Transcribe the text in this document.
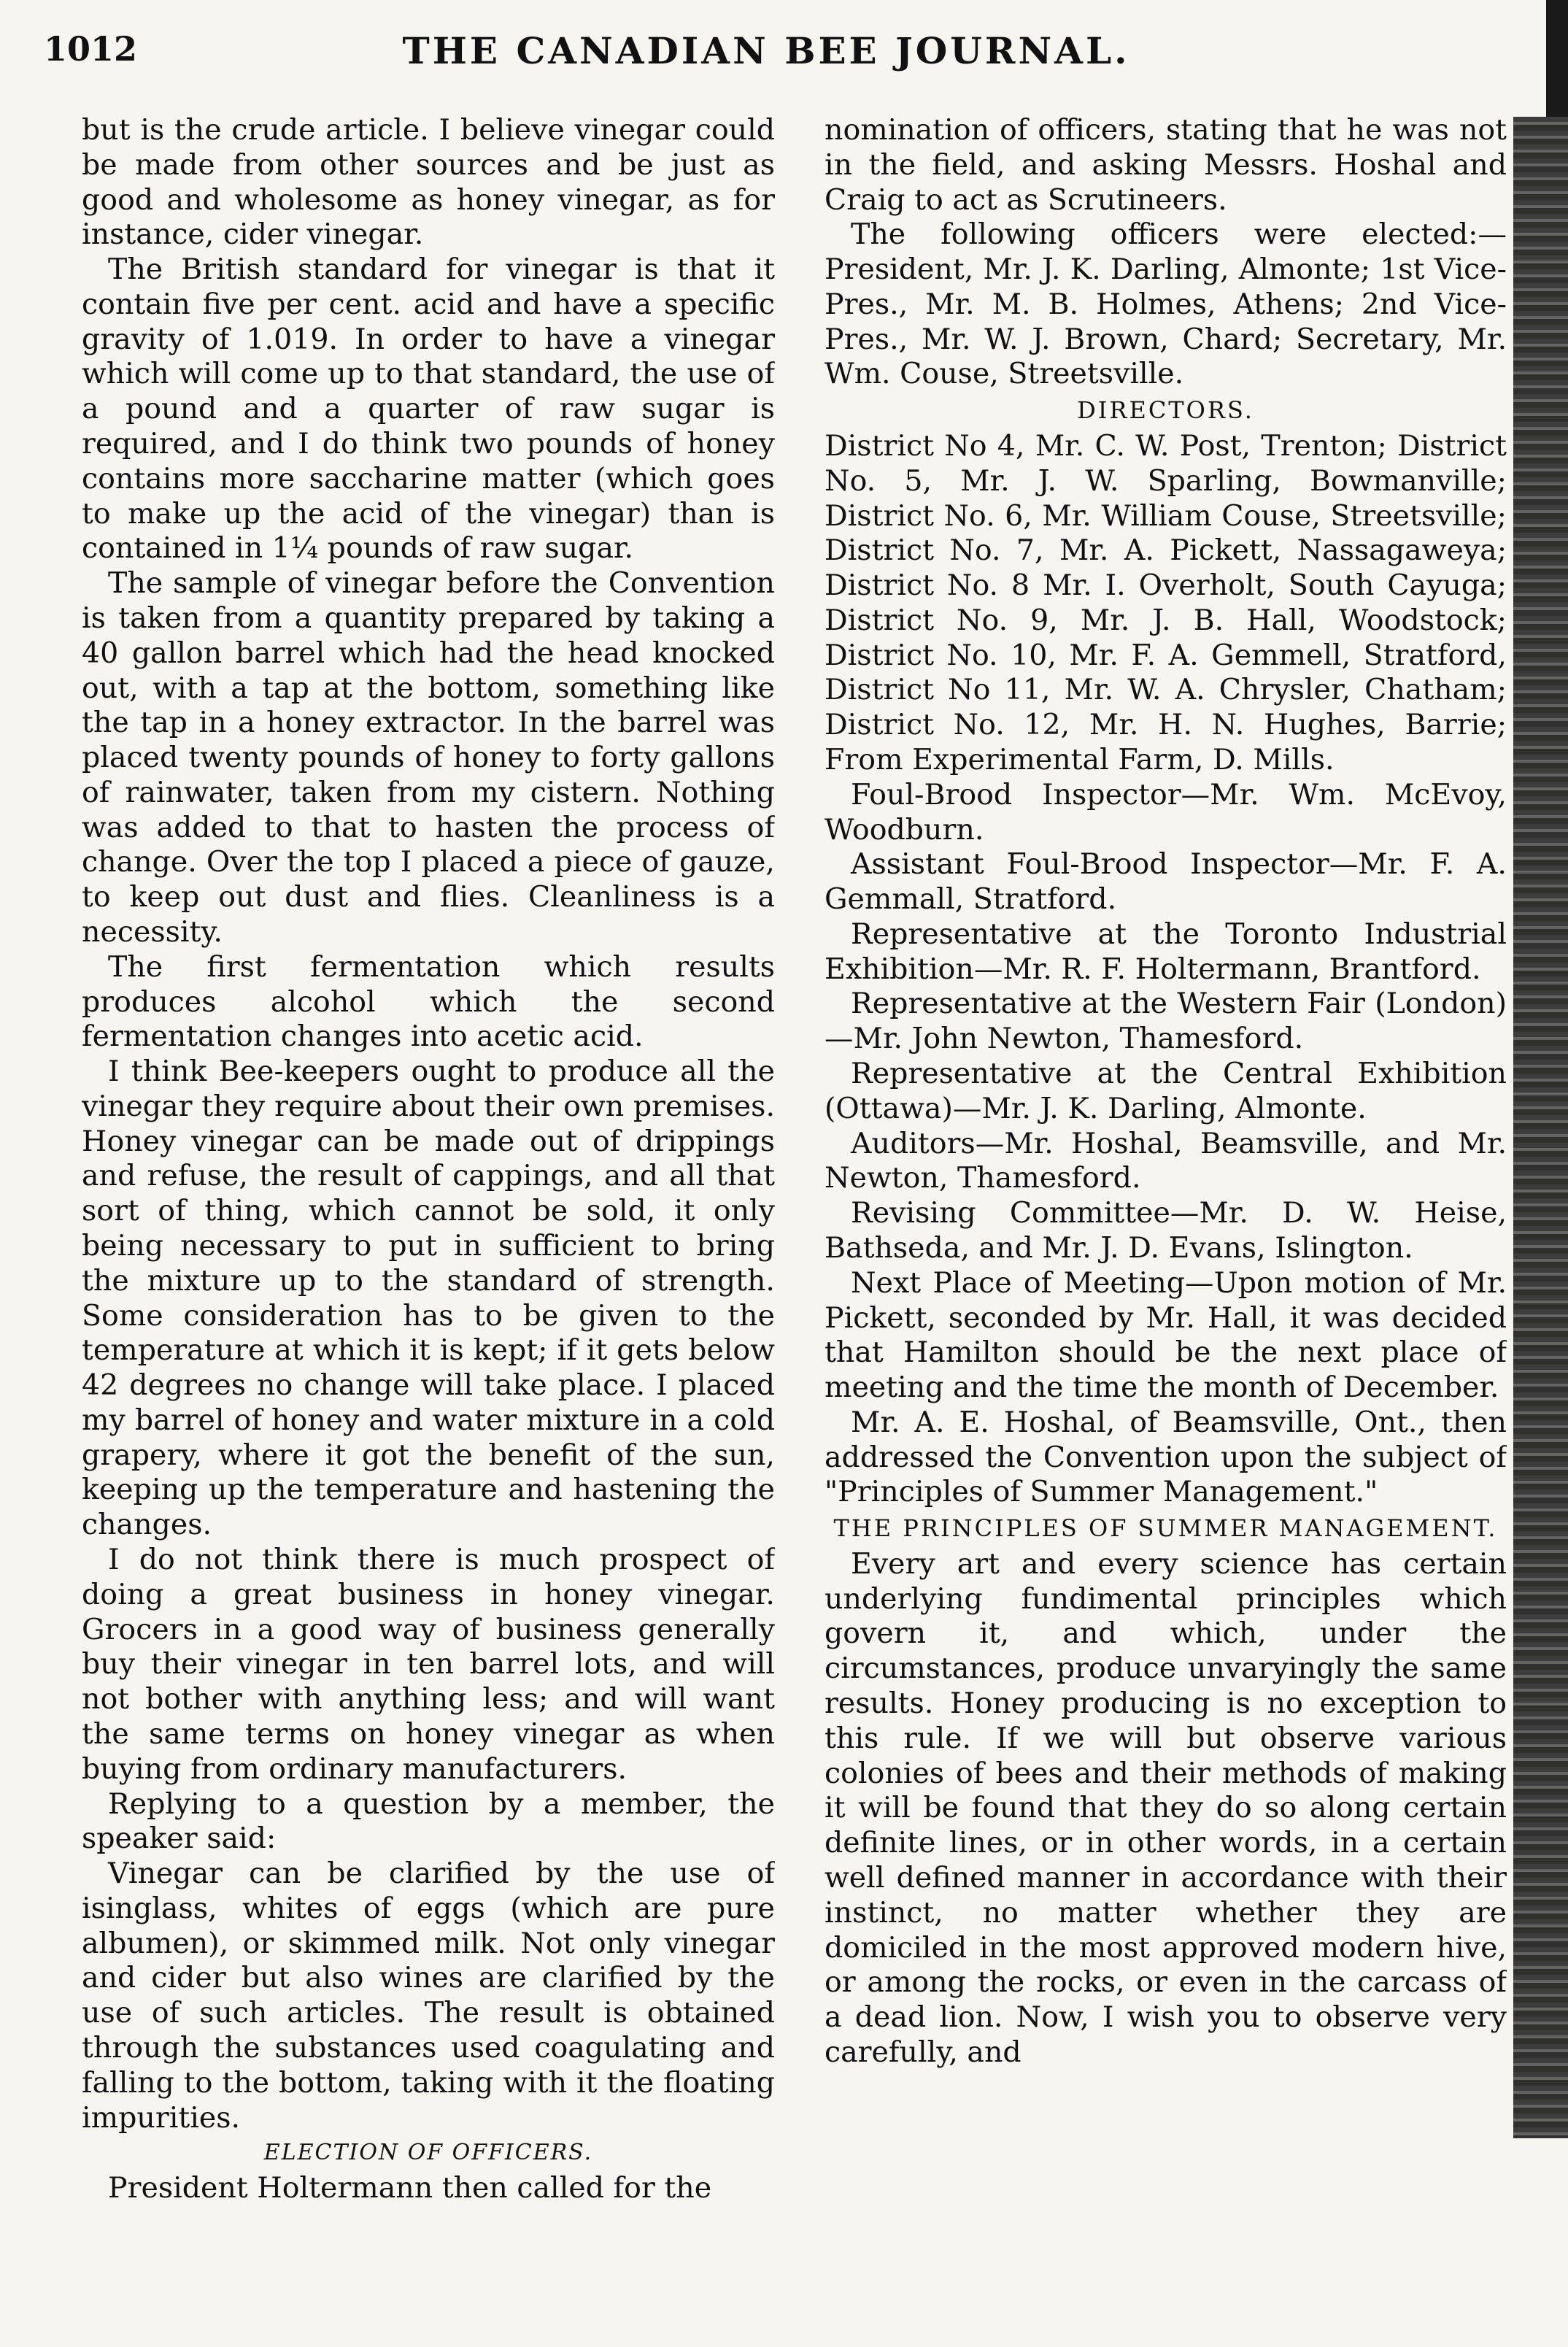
1012	THE CANADIAN BEE JOURNAL.

but is the crude article. I believe vinegar could be made from other sources and be just as good and wholesome as honey vinegar, as for instance, cider vinegar.

The British standard for vinegar is that it contain five per cent. acid and have a specific gravity of 1.019. In order to have a vinegar which will come up to that standard, the use of a pound and a quarter of raw sugar is required, and I do think two pounds of honey contains more saccharine matter (which goes to make up the acid of the vinegar) than is contained in 1¼ pounds of raw sugar.

The sample of vinegar before the Convention is taken from a quantity prepared by taking a 40 gallon barrel which had the head knocked out, with a tap at the bottom, something like the tap in a honey extractor. In the barrel was placed twenty pounds of honey to forty gallons of rainwater, taken from my cistern. Nothing was added to that to hasten the process of change. Over the top I placed a piece of gauze, to keep out dust and flies. Cleanliness is a necessity.

The first fermentation which results produces alcohol which the second fermentation changes into acetic acid.

I think Bee-keepers ought to produce all the vinegar they require about their own premises. Honey vinegar can be made out of drippings and refuse, the result of cappings, and all that sort of thing, which cannot be sold, it only being necessary to put in sufficient to bring the mixture up to the standard of strength. Some consideration has to be given to the temperature at which it is kept; if it gets below 42 degrees no change will take place. I placed my barrel of honey and water mixture in a cold grapery, where it got the benefit of the sun, keeping up the temperature and hastening the changes.

I do not think there is much prospect of doing a great business in honey vinegar. Grocers in a good way of business generally buy their vinegar in ten barrel lots, and will not bother with anything less; and will want the same terms on honey vinegar as when buying from ordinary manufacturers.

Replying to a question by a member, the speaker said:

Vinegar can be clarified by the use of isinglass, whites of eggs (which are pure albumen), or skimmed milk. Not only vinegar and cider but also wines are clarified by the use of such articles. The result is obtained through the substances used coagulating and falling to the bottom, taking with it the floating impurities.

ELECTION OF OFFICERS.

President Holtermann then called for the

nomination of officers, stating that he was not in the field, and asking Messrs. Hoshal and Craig to act as Scrutineers.

The following officers were elected:— President, Mr. J. K. Darling, Almonte; 1st Vice-Pres., Mr. M. B. Holmes, Athens; 2nd Vice-Pres., Mr. W. J. Brown, Chard; Secretary, Mr. Wm. Couse, Streetsville.

DIRECTORS.

District No 4, Mr. C. W. Post, Trenton; District No. 5, Mr. J. W. Sparling, Bowmanville; District No. 6, Mr. William Couse, Streetsville; District No. 7, Mr. A. Pickett, Nassagaweya; District No. 8 Mr. I. Overholt, South Cayuga; District No. 9, Mr. J. B. Hall, Woodstock; District No. 10, Mr. F. A. Gemmell, Stratford, District No 11, Mr. W. A. Chrysler, Chatham; District No. 12, Mr. H. N. Hughes, Barrie; From Experimental Farm, D. Mills.

Foul-Brood Inspector—Mr. Wm. McEvoy, Woodburn.

Assistant Foul-Brood Inspector—Mr. F. A. Gemmall, Stratford.

Representative at the Toronto Industrial Exhibition—Mr. R. F. Holtermann, Brantford.

Representative at the Western Fair (London)—Mr. John Newton, Thamesford.

Representative at the Central Exhibition (Ottawa)—Mr. J. K. Darling, Almonte.

Auditors—Mr. Hoshal, Beamsville, and Mr. Newton, Thamesford.

Revising Committee—Mr. D. W. Heise, Bathseda, and Mr. J. D. Evans, Islington.

Next Place of Meeting—Upon motion of Mr. Pickett, seconded by Mr. Hall, it was decided that Hamilton should be the next place of meeting and the time the month of December.

Mr. A. E. Hoshal, of Beamsville, Ont., then addressed the Convention upon the subject of "Principles of Summer Management."

THE PRINCIPLES OF SUMMER MANAGEMENT.

Every art and every science has certain underlying fundimental principles which govern it, and which, under the circumstances, produce unvaryingly the same results. Honey producing is no exception to this rule. If we will but observe various colonies of bees and their methods of making it will be found that they do so along certain definite lines, or in other words, in a certain well defined manner in accordance with their instinct, no matter whether they are domiciled in the most approved modern hive, or among the rocks, or even in the carcass of a dead lion. Now, I wish you to observe very carefully, and
